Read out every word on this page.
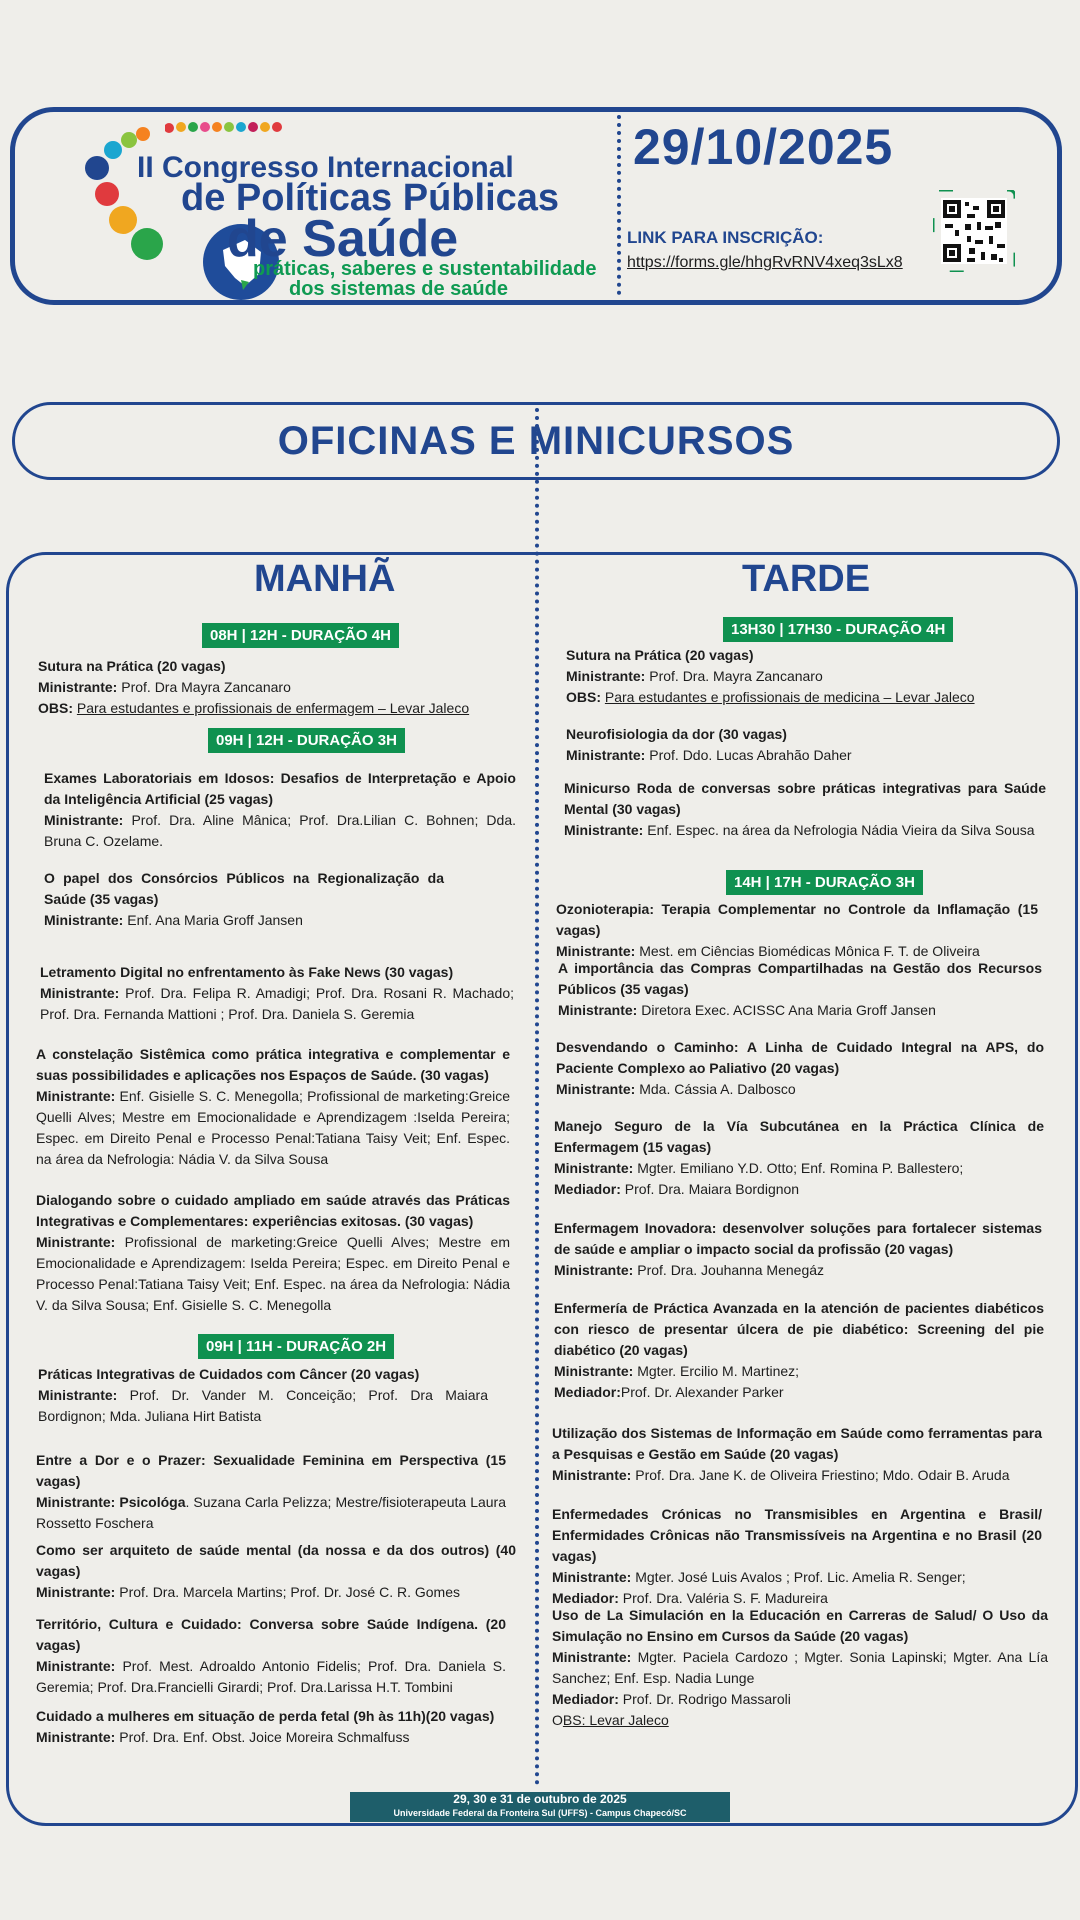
II Congresso Internacional
de Políticas Públicas
de Saúde
práticas, saberes e sustentabilidade
dos sistemas de saúde
29/10/2025
LINK PARA INSCRIÇÃO:
https://forms.gle/hhgRvRNV4xeq3sLx8
OFICINAS E MINICURSOS
MANHÃ
08H | 12H - DURAÇÃO 4H
Sutura na Prática (20 vagas)
Ministrante: Prof. Dra Mayra Zancanaro
OBS: Para estudantes e profissionais de enfermagem – Levar Jaleco
09H | 12H - DURAÇÃO 3H
Exames Laboratoriais em Idosos: Desafios de Interpretação e Apoio da Inteligência Artificial (25 vagas)
Ministrante: Prof. Dra. Aline Mânica; Prof. Dra.Lilian C. Bohnen; Dda. Bruna C. Ozelame.
O papel dos Consórcios Públicos na Regionalização da Saúde (35 vagas)
Ministrante: Enf. Ana Maria Groff Jansen
Letramento Digital no enfrentamento às Fake News (30 vagas)
Ministrante: Prof. Dra. Felipa R. Amadigi; Prof. Dra. Rosani R. Machado; Prof. Dra. Fernanda Mattioni ; Prof. Dra. Daniela S. Geremia
A constelação Sistêmica como prática integrativa e complementar e suas possibilidades e aplicações nos Espaços de Saúde. (30 vagas)
Ministrante: Enf. Gisielle S. C. Menegolla; Profissional de marketing:Greice Quelli Alves; Mestre em Emocionalidade e Aprendizagem :Iselda Pereira; Espec. em Direito Penal e Processo Penal:Tatiana Taisy Veit; Enf. Espec. na área da Nefrologia: Nádia V. da Silva Sousa
Dialogando sobre o cuidado ampliado em saúde através das Práticas Integrativas e Complementares: experiências exitosas. (30 vagas)
Ministrante: Profissional de marketing:Greice Quelli Alves; Mestre em Emocionalidade e Aprendizagem: Iselda Pereira; Espec. em Direito Penal e Processo Penal:Tatiana Taisy Veit; Enf. Espec. na área da Nefrologia: Nádia V. da Silva Sousa; Enf. Gisielle S. C. Menegolla
09H | 11H - DURAÇÃO 2H
Práticas Integrativas de Cuidados com Câncer (20 vagas)
Ministrante: Prof. Dr. Vander M. Conceição; Prof. Dra Maiara Bordignon; Mda. Juliana Hirt Batista
Entre a Dor e o Prazer: Sexualidade Feminina em Perspectiva (15 vagas)
Ministrante: Psicológa. Suzana Carla Pelizza; Mestre/fisioterapeuta Laura Rossetto Foschera
Como ser arquiteto de saúde mental (da nossa e da dos outros) (40 vagas)
Ministrante: Prof. Dra. Marcela Martins; Prof. Dr. José C. R. Gomes
Território, Cultura e Cuidado: Conversa sobre Saúde Indígena. (20 vagas)
Ministrante: Prof. Mest. Adroaldo Antonio Fidelis; Prof. Dra. Daniela S. Geremia; Prof. Dra.Francielli Girardi; Prof. Dra.Larissa H.T. Tombini
Cuidado a mulheres em situação de perda fetal (9h às 11h)(20 vagas)
Ministrante: Prof. Dra. Enf. Obst. Joice Moreira Schmalfuss
TARDE
13H30 | 17H30 - DURAÇÃO 4H
Sutura na Prática (20 vagas)
Ministrante: Prof. Dra. Mayra Zancanaro
OBS: Para estudantes e profissionais de medicina – Levar Jaleco
Neurofisiologia da dor (30 vagas)
Ministrante: Prof. Ddo. Lucas Abrahão Daher
Minicurso Roda de conversas sobre práticas integrativas para Saúde Mental (30 vagas)
Ministrante: Enf. Espec. na área da Nefrologia Nádia Vieira da Silva Sousa
14H | 17H - DURAÇÃO 3H
Ozonioterapia: Terapia Complementar no Controle da Inflamação (15 vagas)
Ministrante: Mest. em Ciências Biomédicas Mônica F. T. de Oliveira
A importância das Compras Compartilhadas na Gestão dos Recursos Públicos (35 vagas)
Ministrante: Diretora Exec. ACISSC Ana Maria Groff Jansen
Desvendando o Caminho: A Linha de Cuidado Integral na APS, do Paciente Complexo ao Paliativo (20 vagas)
Ministrante: Mda. Cássia A. Dalbosco
Manejo Seguro de la Vía Subcutánea en la Práctica Clínica de Enfermagem (15 vagas)
Ministrante: Mgter. Emiliano Y.D. Otto; Enf. Romina P. Ballestero;
Mediador: Prof. Dra. Maiara Bordignon
Enfermagem Inovadora: desenvolver soluções para fortalecer sistemas de saúde e ampliar o impacto social da profissão (20 vagas)
Ministrante: Prof. Dra. Jouhanna Menegáz
Enfermería de Práctica Avanzada en la atención de pacientes diabéticos con riesco de presentar úlcera de pie diabético: Screening del pie diabético (20 vagas)
Ministrante: Mgter. Ercilio M. Martinez;
Mediador:Prof. Dr. Alexander Parker
Utilização dos Sistemas de Informação em Saúde como ferramentas para a Pesquisas e Gestão em Saúde (20 vagas)
Ministrante: Prof. Dra. Jane K. de Oliveira Friestino; Mdo. Odair B. Aruda
Enfermedades Crónicas no Transmisibles en Argentina e Brasil/ Enfermidades Crônicas não Transmissíveis na Argentina e no Brasil (20 vagas)
Ministrante: Mgter. José Luis Avalos ; Prof. Lic. Amelia R. Senger;
Mediador: Prof. Dra. Valéria S. F. Madureira
Uso de La Simulación en la Educación en Carreras de Salud/ O Uso da Simulação no Ensino em Cursos da Saúde (20 vagas)
Ministrante: Mgter. Paciela Cardozo ; Mgter. Sonia Lapinski; Mgter. Ana Lía Sanchez; Enf. Esp. Nadia Lunge
Mediador: Prof. Dr. Rodrigo Massaroli
OBS: Levar Jaleco
29, 30 e 31 de outubro de 2025
Universidade Federal da Fronteira Sul (UFFS) - Campus Chapecó/SC
